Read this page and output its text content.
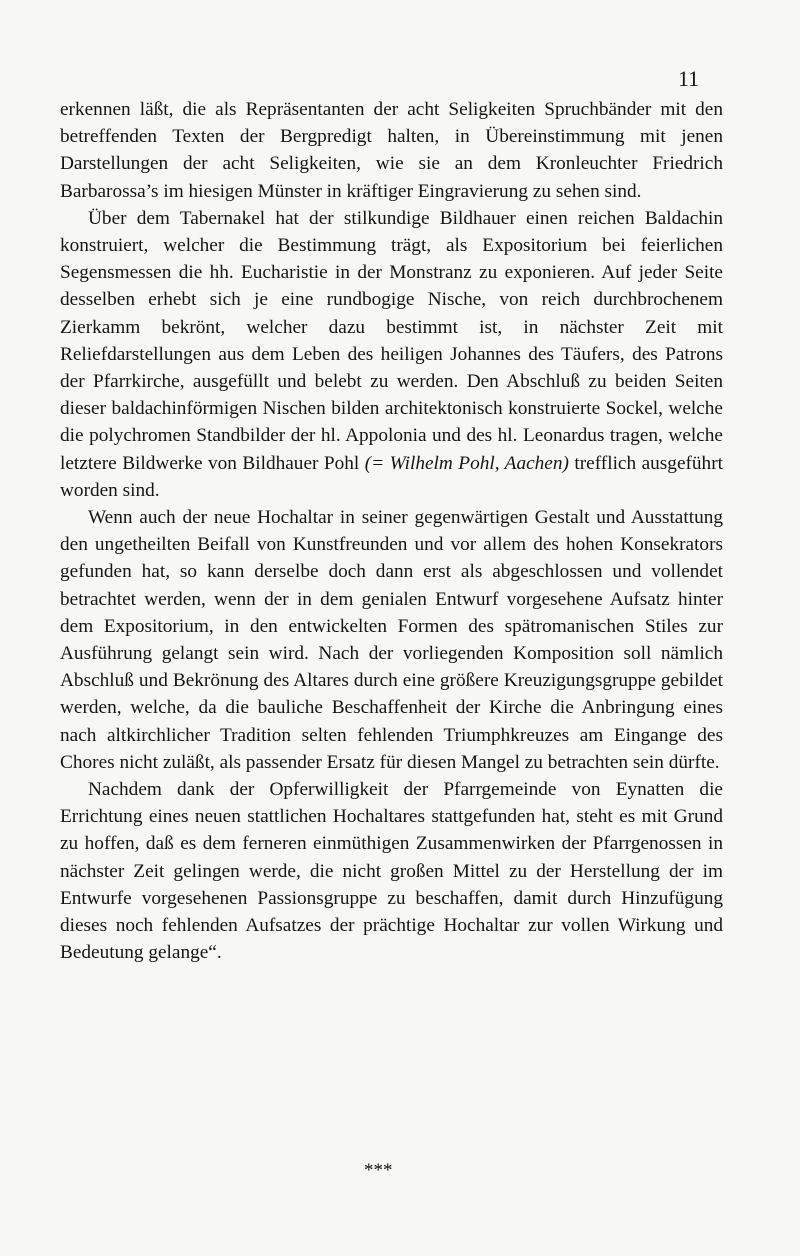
11

erkennen läßt, die als Repräsentanten der acht Seligkeiten Spruchbänder mit den betreffenden Texten der Bergpredigt halten, in Übereinstimmung mit jenen Darstellungen der acht Seligkeiten, wie sie an dem Kronleuchter Friedrich Barbarossa’s im hiesigen Münster in kräftiger Eingravierung zu sehen sind.

Über dem Tabernakel hat der stilkundige Bildhauer einen reichen Baldachin konstruiert, welcher die Bestimmung trägt, als Expositorium bei feierlichen Segensmessen die hh. Eucharistie in der Monstranz zu exponieren. Auf jeder Seite desselben erhebt sich je eine rundbogige Nische, von reich durchbrochenem Zierkamm bekrönt, welcher dazu bestimmt ist, in nächster Zeit mit Reliefdarstellungen aus dem Leben des heiligen Johannes des Täufers, des Patrons der Pfarrkirche, ausgefüllt und belebt zu werden. Den Abschluß zu beiden Seiten dieser baldachinförmigen Nischen bilden architektonisch konstruierte Sockel, welche die polychromen Standbilder der hl. Appolonia und des hl. Leonardus tragen, welche letztere Bildwerke von Bildhauer Pohl (= Wilhelm Pohl, Aachen) trefflich ausgeführt worden sind.

Wenn auch der neue Hochaltar in seiner gegenwärtigen Gestalt und Ausstattung den ungetheilten Beifall von Kunstfreunden und vor allem des hohen Konsekrators gefunden hat, so kann derselbe doch dann erst als abgeschlossen und vollendet betrachtet werden, wenn der in dem genialen Entwurf vorgesehene Aufsatz hinter dem Expositorium, in den entwickelten Formen des spätromanischen Stiles zur Ausführung gelangt sein wird. Nach der vorliegenden Komposition soll nämlich Abschluß und Bekrönung des Altares durch eine größere Kreuzigungsgruppe gebildet werden, welche, da die bauliche Beschaffenheit der Kirche die Anbringung eines nach altkirchlicher Tradition selten fehlenden Triumphkreuzes am Eingange des Chores nicht zuläßt, als passender Ersatz für diesen Mangel zu betrachten sein dürfte.

Nachdem dank der Opferwilligkeit der Pfarrgemeinde von Eynatten die Errichtung eines neuen stattlichen Hochaltares stattgefunden hat, steht es mit Grund zu hoffen, daß es dem ferneren einmüthigen Zusammenwirken der Pfarrgenossen in nächster Zeit gelingen werde, die nicht großen Mittel zu der Herstellung der im Entwurfe vorgesehenen Passionsgruppe zu beschaffen, damit durch Hinzufügung dieses noch fehlenden Aufsatzes der prächtige Hochaltar zur vollen Wirkung und Bedeutung gelange“.

***
